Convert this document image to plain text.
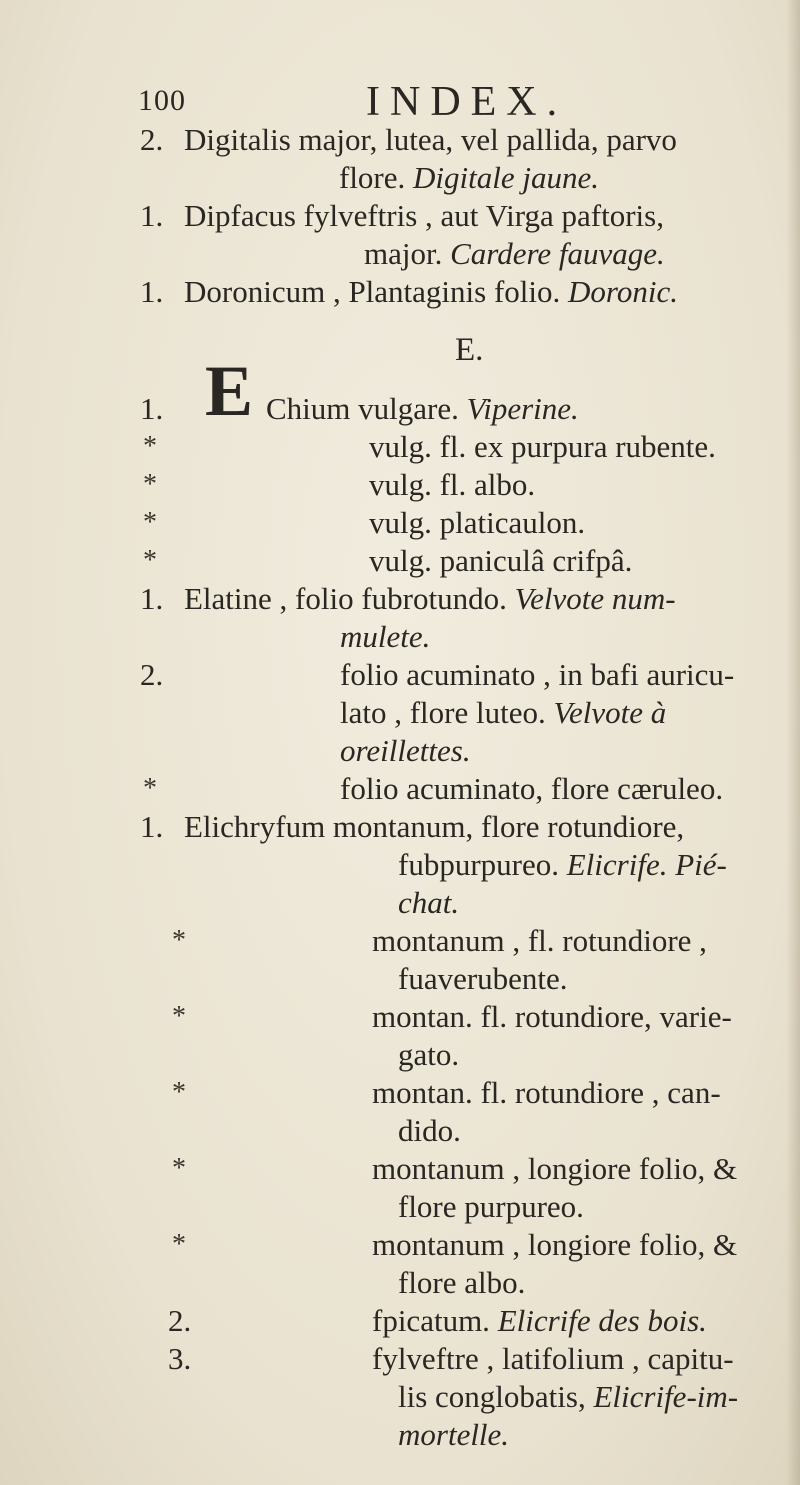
100	INDEX.
2. Digitalis major, lutea, vel pallida, parvo
flore. Digitale jaune.
1. Dipfacus fylveftris , aut Virga paftoris,
major. Cardere fauvage.
1. Doronicum , Plantaginis folio. Doronic.
E.
E
1.	Chium vulgare. Viperine.
*	vulg. fl. ex purpura rubente.
*	vulg. fl. albo.
*	vulg. platicaulon.
*	vulg. paniculâ crifpâ.
1. Elatine , folio fubrotundo. Velvote num-
mulete.
2.	folio acuminato , in bafi auricu-
lato , flore luteo. Velvote à
oreillettes.
*	folio acuminato, flore cæruleo.
1. Elichryfum montanum, flore rotundiore,
fubpurpureo. Elicrife. Pié-
chat.
*	montanum , fl. rotundiore ,
fuaverubente.
*	montan. fl. rotundiore, varie-
gato.
*	montan. fl. rotundiore , can-
dido.
*	montanum , longiore folio, &
flore purpureo.
*	montanum , longiore folio, &
flore albo.
2.	fpicatum. Elicrife des bois.
3.	fylveftre , latifolium , capitu-
lis conglobatis, Elicrife-im-
mortelle.
